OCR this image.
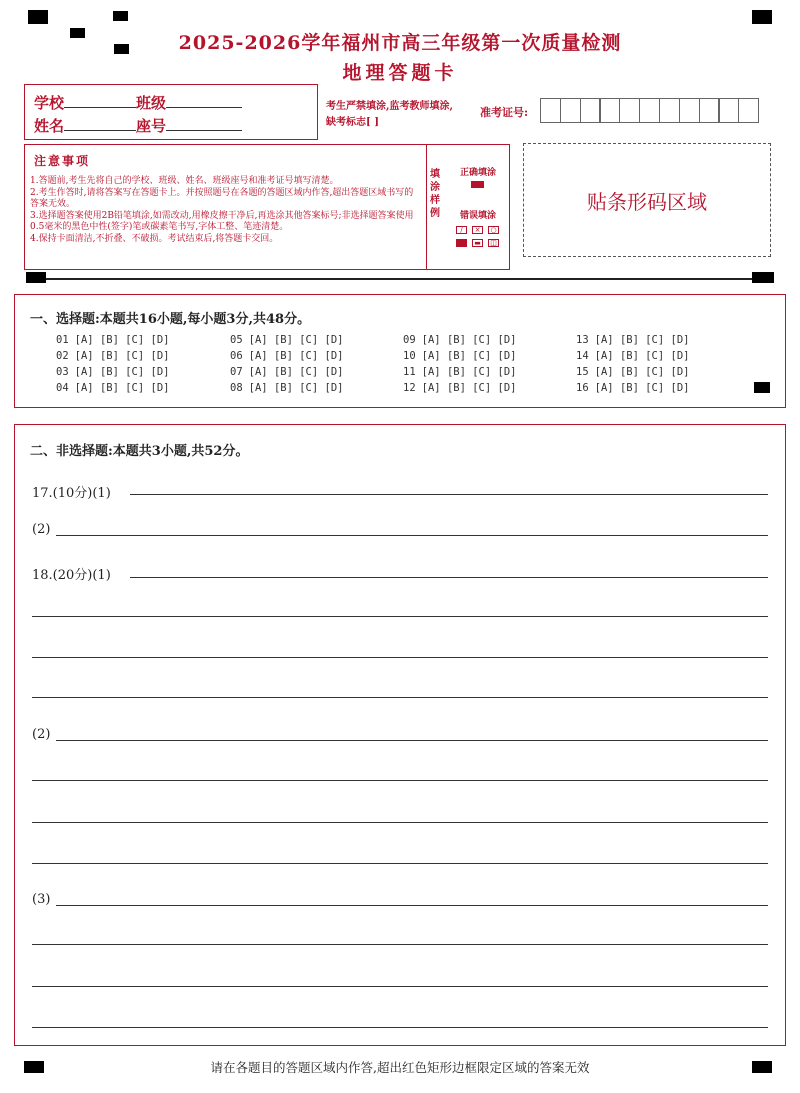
2025-2026学年福州市高三年级第一次质量检测
地理答题卡
学校	班级
姓名	座号
考生严禁填涂,监考教师填涂,
缺考标志[ ]
准考证号:
注意事项
1.答题前,考生先将自己的学校、班级、姓名、班级座号和准考证号填写清楚。
2.考生作答时,请将答案写在答题卡上。并按照题号在各题的答题区域内作答,超出答题区域书写的答案无效。
3.选择题答案使用2B铅笔填涂,如需改动,用橡皮擦干净后,再选涂其他答案标号;非选择题答案使用0.5毫米的黑色中性(签字)笔或碳素笔书写,字体工整、笔迹清楚。
4.保持卡面清洁,不折叠、不破损。考试结束后,将答题卡交回。
填涂样例
正确填涂
错误填涂
/	×	○
▬	◫
贴条形码区域
一、选择题:本题共16小题,每小题3分,共48分。
01 [A] [B] [C] [D]
02 [A] [B] [C] [D]
03 [A] [B] [C] [D]
04 [A] [B] [C] [D]
05 [A] [B] [C] [D]
06 [A] [B] [C] [D]
07 [A] [B] [C] [D]
08 [A] [B] [C] [D]
09 [A] [B] [C] [D]
10 [A] [B] [C] [D]
11 [A] [B] [C] [D]
12 [A] [B] [C] [D]
13 [A] [B] [C] [D]
14 [A] [B] [C] [D]
15 [A] [B] [C] [D]
16 [A] [B] [C] [D]
二、非选择题:本题共3小题,共52分。
17.(10分)(1)
(2)
18.(20分)(1)
(2)
(3)
请在各题目的答题区域内作答,超出红色矩形边框限定区域的答案无效
